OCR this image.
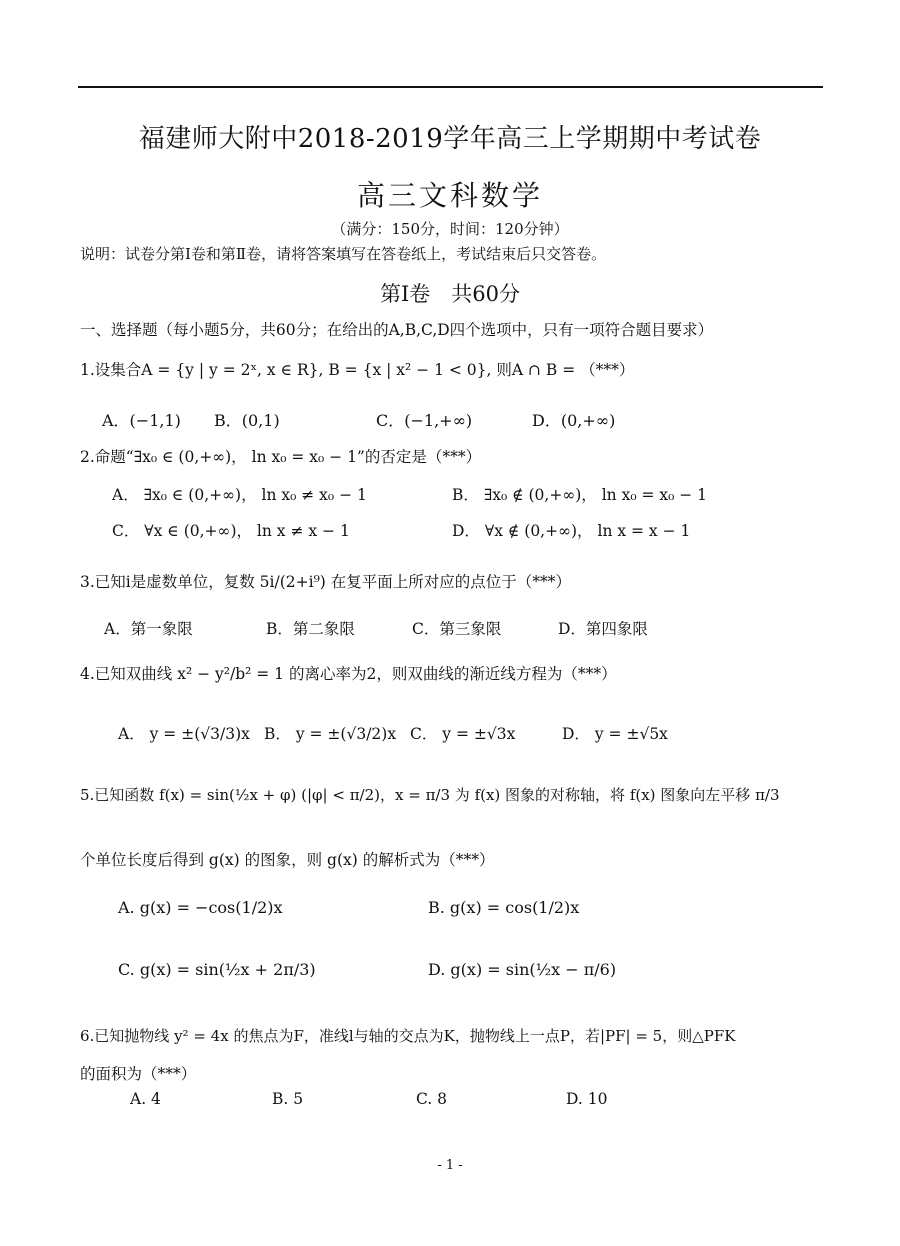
福建师大附中2018-2019学年高三上学期期中考试卷
高三文科数学
（满分：150分，时间：120分钟）
说明：试卷分第Ⅰ卷和第Ⅱ卷，请将答案填写在答卷纸上，考试结束后只交答卷。
第Ⅰ卷　共60分
一、选择题（每小题5分，共60分；在给出的A,B,C,D四个选项中，只有一项符合题目要求）
1.设集合A = {y | y = 2ˣ, x ∈ R}, B = {x | x² − 1 < 0}, 则A ∩ B = （***）
A．(−1,1) B．(0,1)	C．(−1,+∞)	D．(0,+∞)
2.命题“∃x₀ ∈ (0,+∞)， ln x₀ = x₀ − 1”的否定是（***）
A． ∃x₀ ∈ (0,+∞)， ln x₀ ≠ x₀ − 1	B． ∃x₀ ∉ (0,+∞)， ln x₀ = x₀ − 1
C． ∀x ∈ (0,+∞)， ln x ≠ x − 1	D． ∀x ∉ (0,+∞)， ln x = x − 1
3.已知i是虚数单位，复数 5i/(2+i⁹) 在复平面上所对应的点位于（***）
A．第一象限	B．第二象限	C．第三象限	D．第四象限
4.已知双曲线 x² − y²/b² = 1 的离心率为2，则双曲线的渐近线方程为（***）
A． y = ±(√3/3)x B． y = ±(√3/2)x C． y = ±√3x	D． y = ±√5x
5.已知函数 f(x) = sin(½x + φ) (|φ| < π/2)，x = π/3 为 f(x) 图象的对称轴，将 f(x) 图象向左平移 π/3
个单位长度后得到 g(x) 的图象，则 g(x) 的解析式为（***）
A. g(x) = −cos(1/2)x	B. g(x) = cos(1/2)x
C. g(x) = sin(½x + 2π/3)	D. g(x) = sin(½x − π/6)
6.已知抛物线 y² = 4x 的焦点为F，准线l与轴的交点为K，抛物线上一点P，若|PF| = 5，则△PFK
的面积为（***）
A. 4	B. 5	C. 8	D. 10
- 1 -
